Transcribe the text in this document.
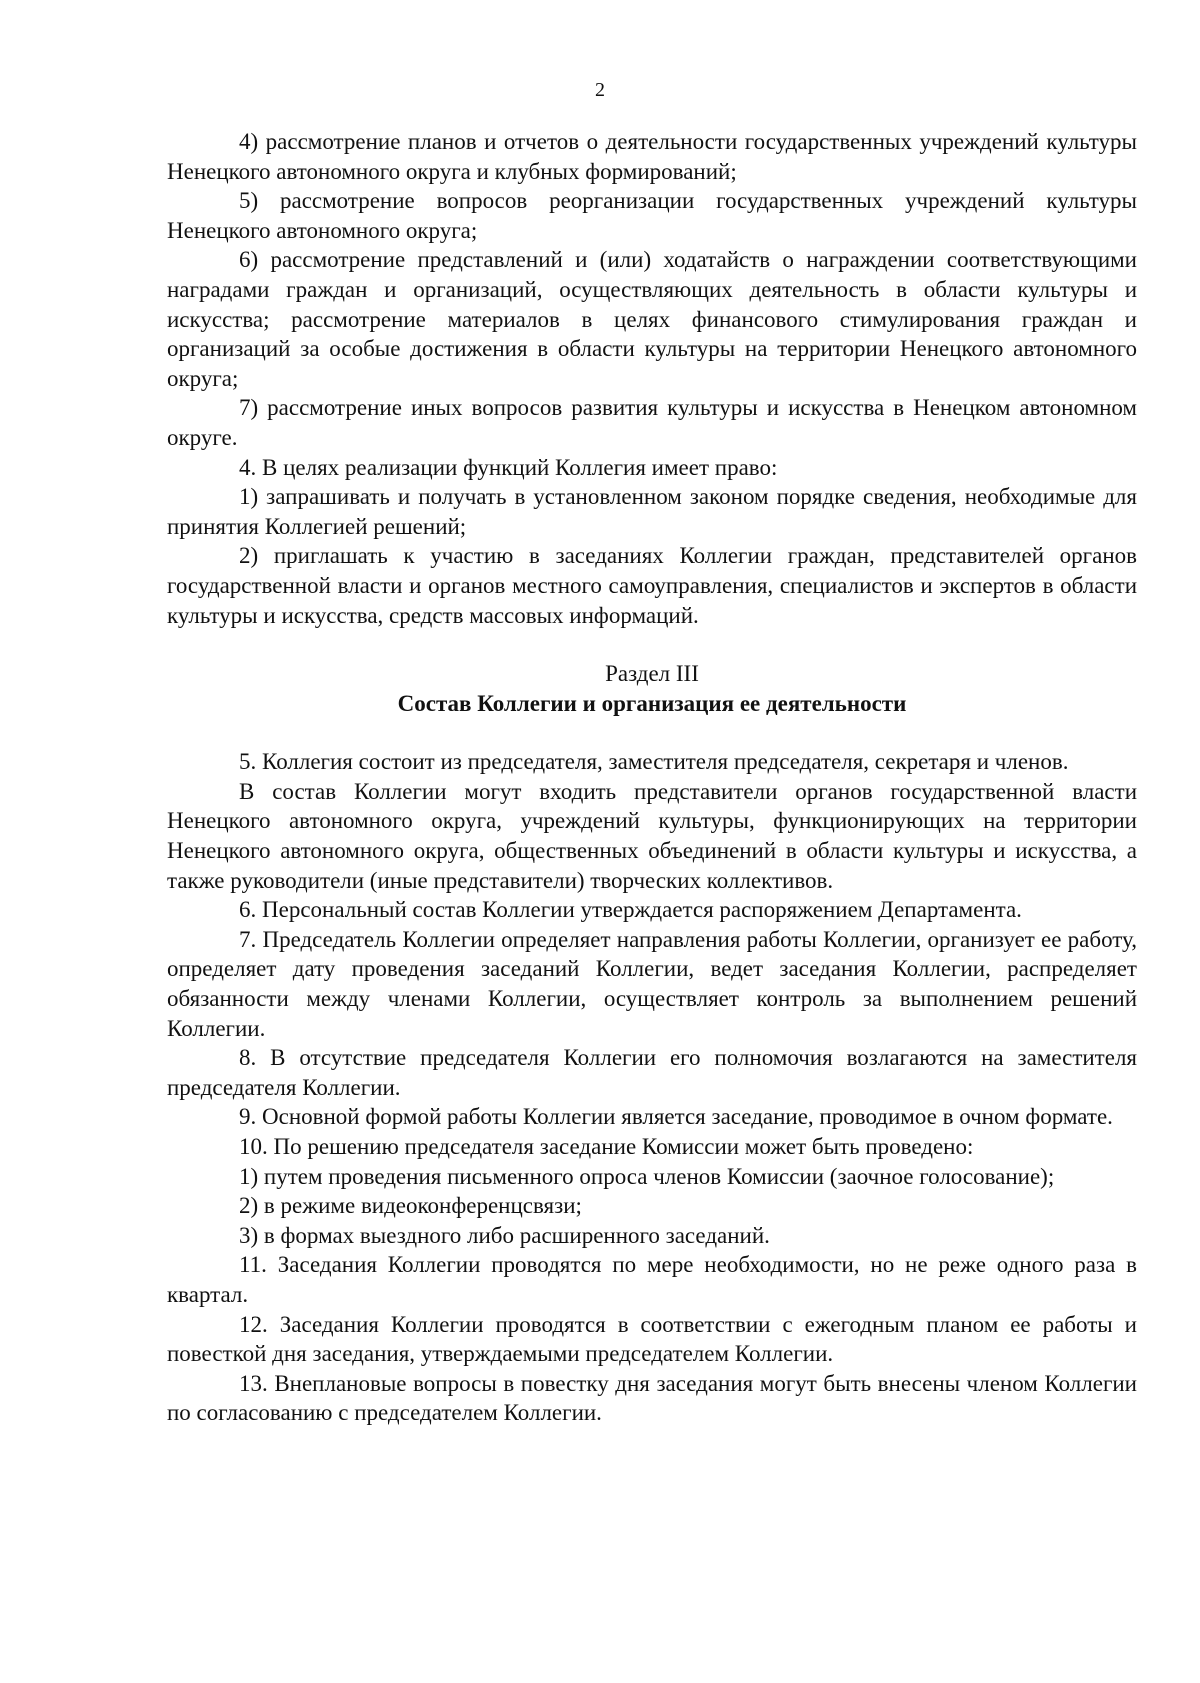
2

4) рассмотрение планов и отчетов о деятельности государственных учреждений культуры Ненецкого автономного округа и клубных формирований;

5) рассмотрение вопросов реорганизации государственных учреждений культуры Ненецкого автономного округа;

6) рассмотрение представлений и (или) ходатайств о награждении соответствующими наградами граждан и организаций, осуществляющих деятельность в области культуры и искусства; рассмотрение материалов в целях финансового стимулирования граждан и организаций за особые достижения в области культуры на территории Ненецкого автономного округа;

7) рассмотрение иных вопросов развития культуры и искусства в Ненецком автономном округе.

4. В целях реализации функций Коллегия имеет право:

1) запрашивать и получать в установленном законом порядке сведения, необходимые для принятия Коллегией решений;

2) приглашать к участию в заседаниях Коллегии граждан, представителей органов государственной власти и органов местного самоуправления, специалистов и экспертов в области культуры и искусства, средств массовых информаций.

Раздел III

Состав Коллегии и организация ее деятельности

5. Коллегия состоит из председателя, заместителя председателя, секретаря и членов.

В состав Коллегии могут входить представители органов государственной власти Ненецкого автономного округа, учреждений культуры, функционирующих на территории Ненецкого автономного округа, общественных объединений в области культуры и искусства, а также руководители (иные представители) творческих коллективов.

6. Персональный состав Коллегии утверждается распоряжением Департамента.

7. Председатель Коллегии определяет направления работы Коллегии, организует ее работу, определяет дату проведения заседаний Коллегии, ведет заседания Коллегии, распределяет обязанности между членами Коллегии, осуществляет контроль за выполнением решений Коллегии.

8. В отсутствие председателя Коллегии его полномочия возлагаются на заместителя председателя Коллегии.

9. Основной формой работы Коллегии является заседание, проводимое в очном формате.

10. По решению председателя заседание Комиссии может быть проведено:

1) путем проведения письменного опроса членов Комиссии (заочное голосование);

2) в режиме видеоконференцсвязи;

3) в формах выездного либо расширенного заседаний.

11. Заседания Коллегии проводятся по мере необходимости, но не реже одного раза в квартал.

12. Заседания Коллегии проводятся в соответствии с ежегодным планом ее работы и повесткой дня заседания, утверждаемыми председателем Коллегии.

13. Внеплановые вопросы в повестку дня заседания могут быть внесены членом Коллегии по согласованию с председателем Коллегии.
